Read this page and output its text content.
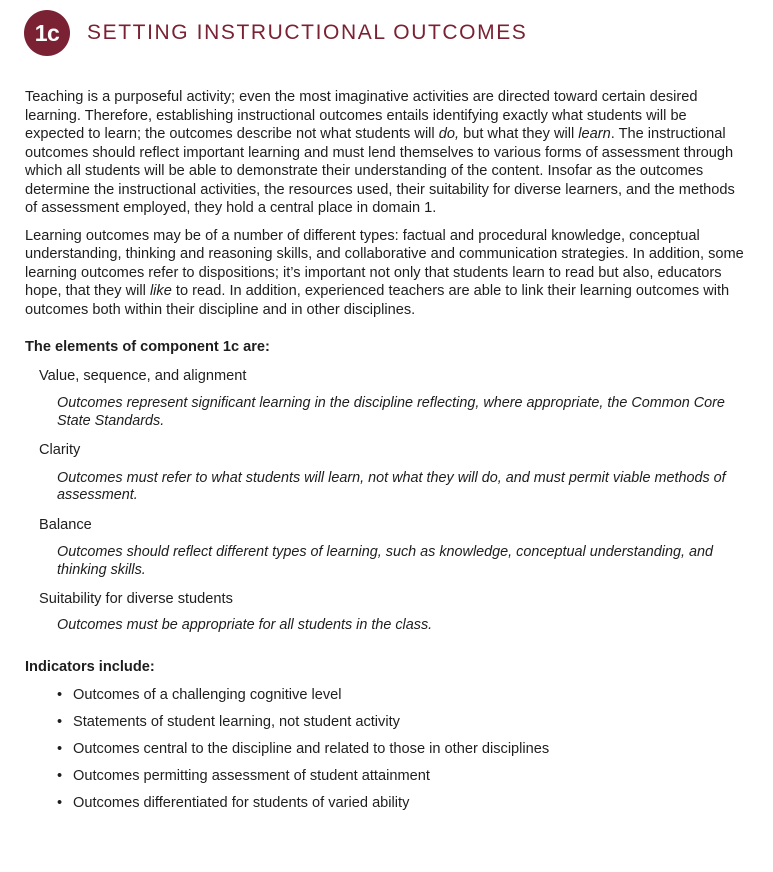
1c	SETTING INSTRUCTIONAL OUTCOMES

Teaching is a purposeful activity; even the most imaginative activities are directed toward certain desired learning. Therefore, establishing instructional outcomes entails identifying exactly what students will be expected to learn; the outcomes describe not what students will do, but what they will learn. The instructional outcomes should reflect important learning and must lend themselves to various forms of assessment through which all students will be able to demonstrate their understanding of the content. Insofar as the outcomes determine the instructional activities, the resources used, their suitability for diverse learners, and the methods of assessment employed, they hold a central place in domain 1.

Learning outcomes may be of a number of different types: factual and procedural knowledge, conceptual understanding, thinking and reasoning skills, and collaborative and communication strategies. In addition, some learning outcomes refer to dispositions; it’s important not only that students learn to read but also, educators hope, that they will like to read. In addition, experienced teachers are able to link their learning outcomes with outcomes both within their discipline and in other disciplines.

The elements of component 1c are:
Value, sequence, and alignment
Outcomes represent significant learning in the discipline reflecting, where appropriate, the Common Core State Standards.
Clarity
Outcomes must refer to what students will learn, not what they will do, and must permit viable methods of assessment.
Balance
Outcomes should reflect different types of learning, such as knowledge, conceptual understanding, and thinking skills.
Suitability for diverse students
Outcomes must be appropriate for all students in the class.
Indicators include:
• Outcomes of a challenging cognitive level
• Statements of student learning, not student activity
• Outcomes central to the discipline and related to those in other disciplines
• Outcomes permitting assessment of student attainment
• Outcomes differentiated for students of varied ability
